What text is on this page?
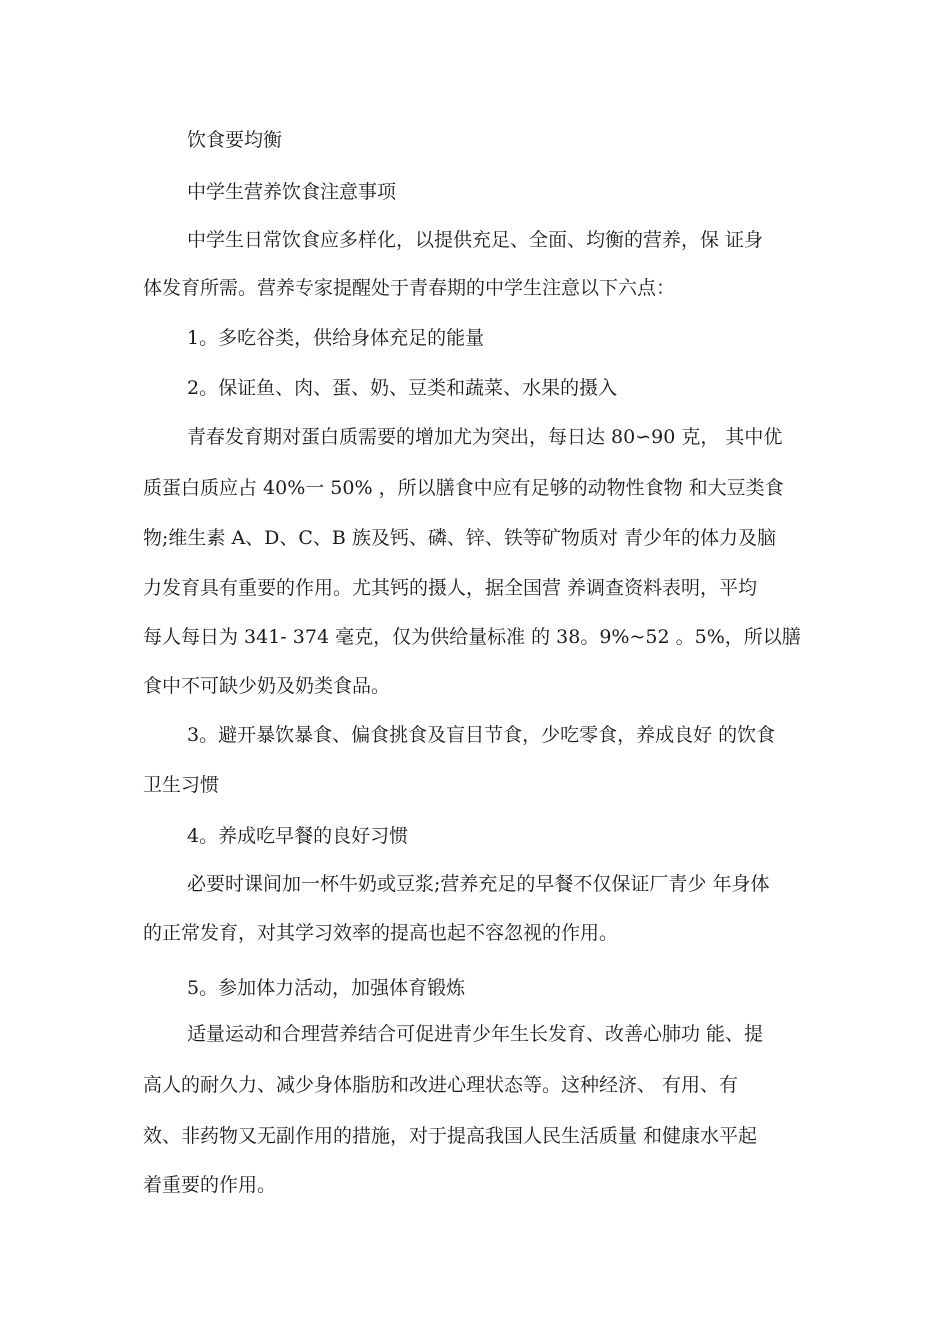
饮食要均衡
中学生营养饮食注意事项
中学生日常饮食应多样化，以提供充足、全面、均衡的营养，保 证身
体发育所需。营养专家提醒处于青春期的中学生注意以下六点：
1。多吃谷类，供给身体充足的能量
2。保证鱼、肉、蛋、奶、豆类和蔬菜、水果的摄入
青春发育期对蛋白质需要的增加尤为突出，每日达 80∽90 克， 其中优
质蛋白质应占 40%一 50% ，所以膳食中应有足够的动物性食物 和大豆类食
物;维生素 A、D、C、B 族及钙、磷、锌、铁等矿物质对 青少年的体力及脑
力发育具有重要的作用。尤其钙的摄人，据全国营 养调查资料表明，平均
每人每日为 341- 374 毫克，仅为供给量标准 的 38。9%~52 。5%，所以膳
食中不可缺少奶及奶类食品。
3。避开暴饮暴食、偏食挑食及盲目节食，少吃零食，养成良好 的饮食
卫生习惯
4。养成吃早餐的良好习惯
必要时课间加一杯牛奶或豆浆;营养充足的早餐不仅保证厂青少 年身体
的正常发育，对其学习效率的提高也起不容忽视的作用。
5。参加体力活动，加强体育锻炼
适量运动和合理营养结合可促进青少年生长发育、改善心肺功 能、提
高人的耐久力、减少身体脂肪和改进心理状态等。这种经济、 有用、有
效、非药物又无副作用的措施，对于提高我国人民生活质量 和健康水平起
着重要的作用。
